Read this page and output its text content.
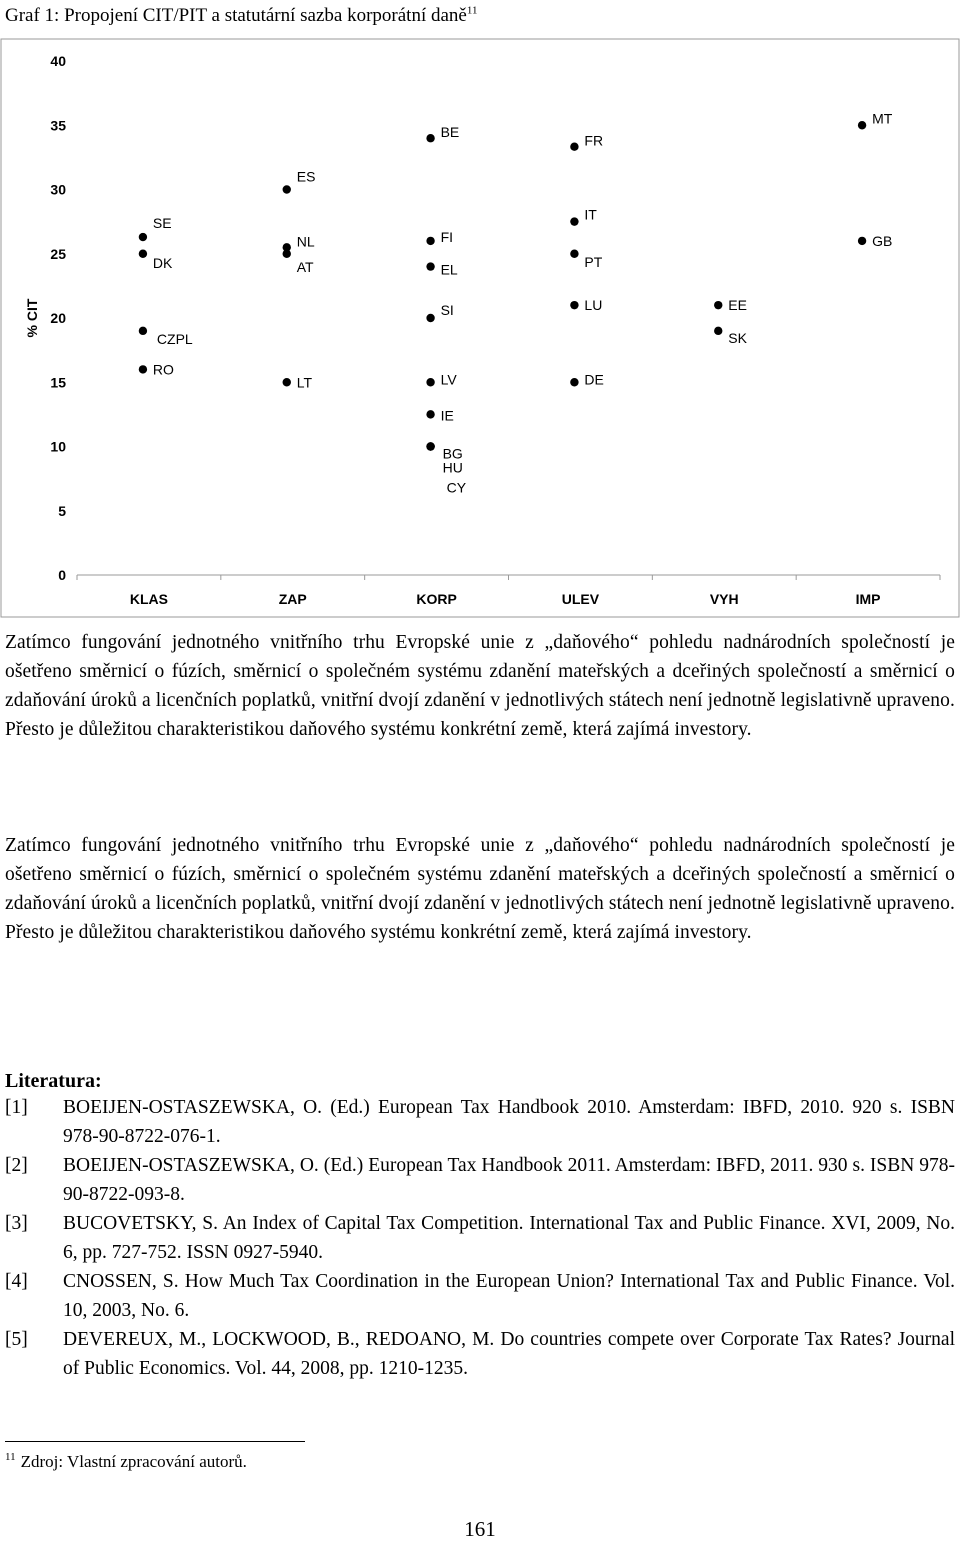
Graf 1: Propojení CIT/PIT a statutární sazba korporátní daně$^{11}$
0
5
10
15
20
25
30
35
40
% CIT
KLAS	ZAP	KORP	ULEV	VYH	IMP
SE
DK
CZPL
RO
ES
NL
AT
LT
BE
FI
EL
SI
LV
IE
BG
HU
CY
FR
IT
PT
LU
DE
EE
SK
MT
GB

Zatímco fungování jednotného vnitřního trhu Evropské unie z „daňového“ pohledu nadnárodních společností je ošetřeno směrnicí o fúzích, směrnicí o společném systému zdanění mateřských a dceřiných společností a směrnicí o zdaňování úroků a licenčních poplatků, vnitřní dvojí zdanění v jednotlivých státech není jednotně legislativně upraveno. Přesto je důležitou charakteristikou daňového systému konkrétní země, která zajímá investory.

Zatímco fungování jednotného vnitřního trhu Evropské unie z „daňového“ pohledu nadnárodních společností je ošetřeno směrnicí o fúzích, směrnicí o společném systému zdanění mateřských a dceřiných společností a směrnicí o zdaňování úroků a licenčních poplatků, vnitřní dvojí zdanění v jednotlivých státech není jednotně legislativně upraveno. Přesto je důležitou charakteristikou daňového systému konkrétní země, která zajímá investory.

Literatura:
[1] BOEIJEN-OSTASZEWSKA, O. (Ed.) European Tax Handbook 2010. Amsterdam: IBFD, 2010. 920 s. ISBN 978-90-8722-076-1.
[2] BOEIJEN-OSTASZEWSKA, O. (Ed.) European Tax Handbook 2011. Amsterdam: IBFD, 2011. 930 s. ISBN 978-90-8722-093-8.
[3] BUCOVETSKY, S. An Index of Capital Tax Competition. International Tax and Public Finance. XVI, 2009, No. 6, pp. 727-752. ISSN 0927-5940.
[4] CNOSSEN, S. How Much Tax Coordination in the European Union? International Tax and Public Finance. Vol. 10, 2003, No. 6.
[5] DEVEREUX, M., LOCKWOOD, B., REDOANO, M. Do countries compete over Corporate Tax Rates? Journal of Public Economics. Vol. 44, 2008, pp. 1210-1235.
$^{11}$ Zdroj: Vlastní zpracování autorů.
161
